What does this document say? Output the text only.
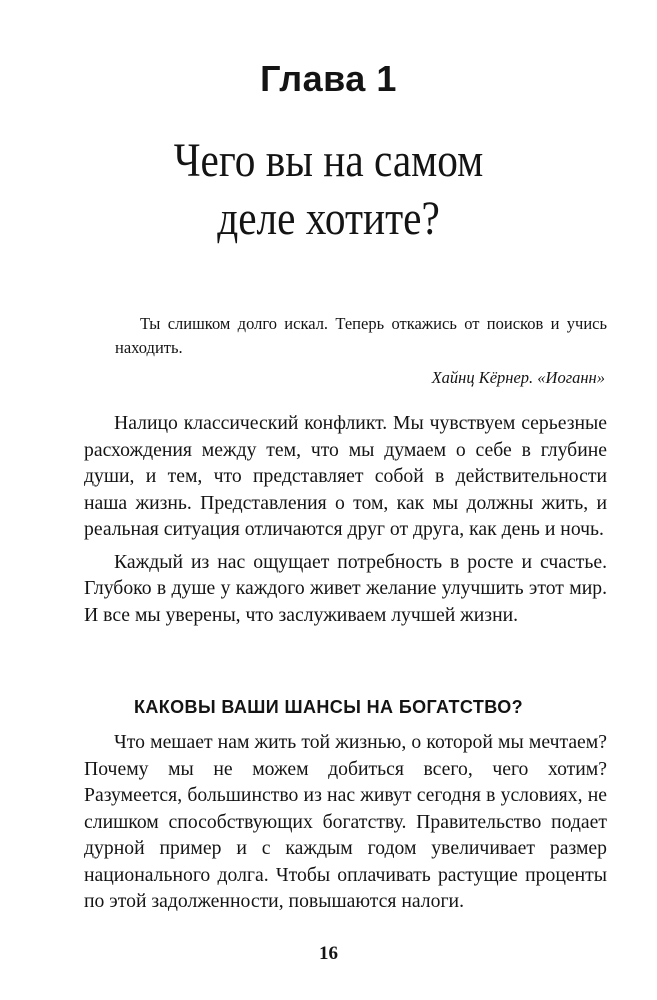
Глава 1
Чего вы на самом
деле хотите?
Ты слишком долго искал. Теперь откажись от поисков и учись находить.
Хайнц Кёрнер. «Иоганн»

Налицо классический конфликт. Мы чувствуем серьезные расхождения между тем, что мы думаем о себе в глубине души, и тем, что представляет собой в действительности наша жизнь. Представления о том, как мы должны жить, и реальная ситуация отличаются друг от друга, как день и ночь.

Каждый из нас ощущает потребность в росте и счастье. Глубоко в душе у каждого живет желание улучшить этот мир. И все мы уверены, что заслуживаем лучшей жизни.

КАКОВЫ ВАШИ ШАНСЫ НА БОГАТСТВО?

Что мешает нам жить той жизнью, о которой мы мечтаем? Почему мы не можем добиться всего, чего хотим? Разумеется, большинство из нас живут сегодня в условиях, не слишком способствующих богатству. Правительство подает дурной пример и с каждым годом увеличивает размер национального долга. Чтобы оплачивать растущие проценты по этой задолженности, повышаются налоги.

16
